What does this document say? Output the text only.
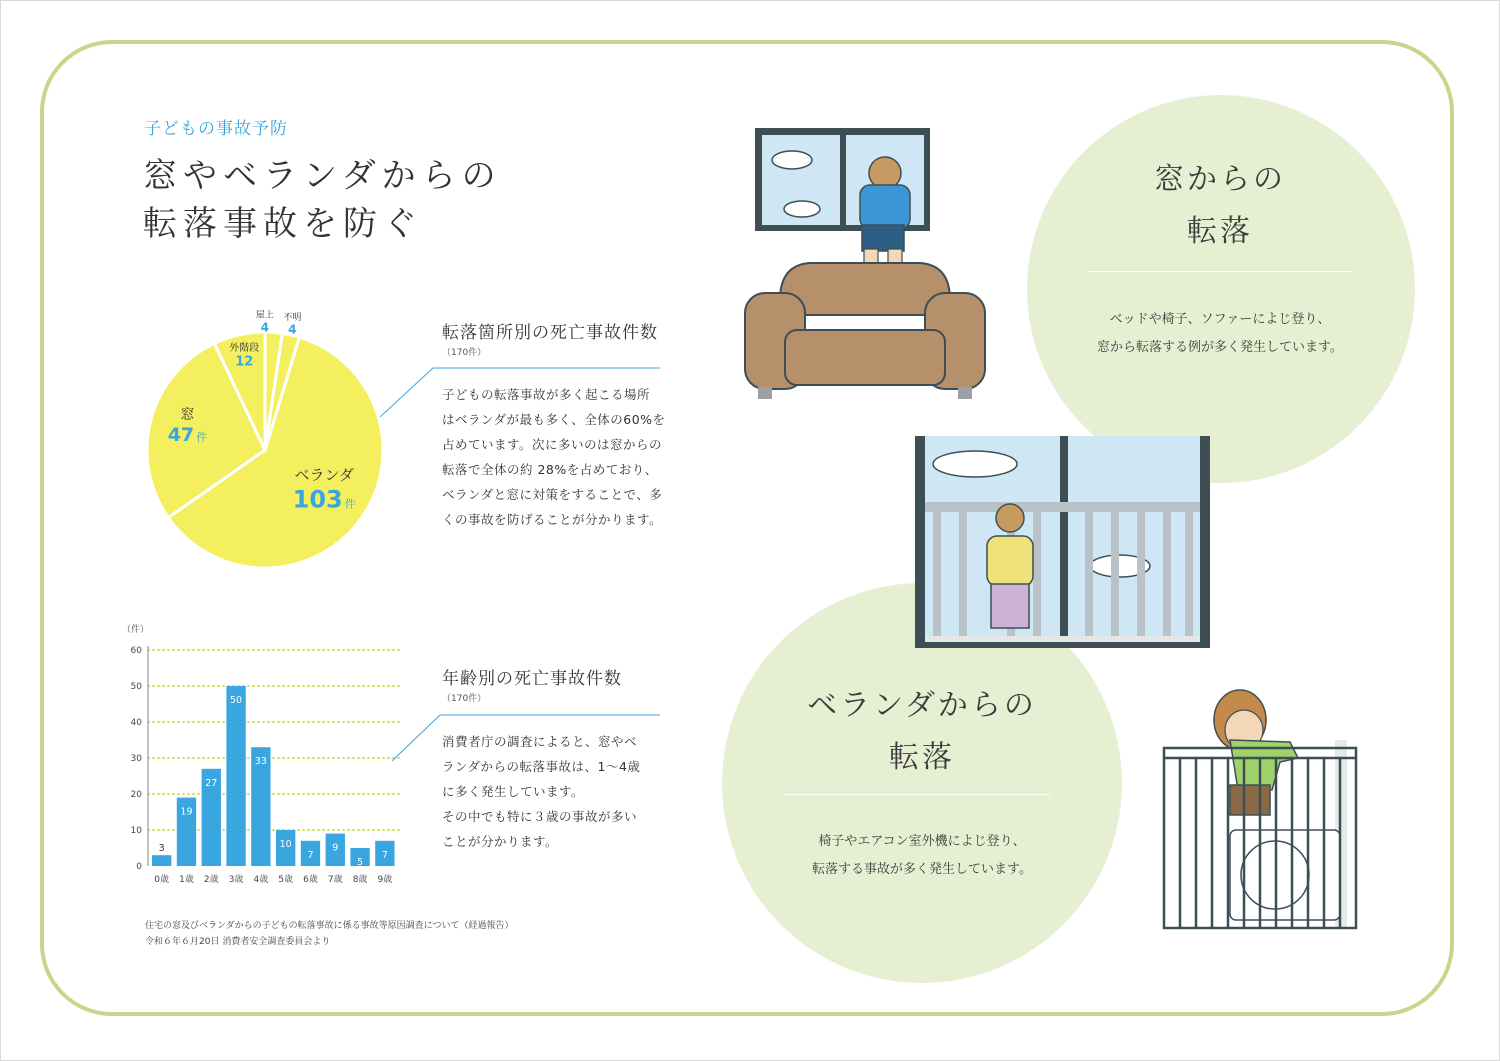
子どもの事故予防
窓やベランダからの
転落事故を防ぐ
ベランダ
103 件
窓
47 件
外階段
12
屋上
4
不明
4	転落箇所別の死亡事故件数
（170件）
子どもの転落事故が多く起こる場所
はベランダが最も多く、全体の60%を
占めています。次に多いのは窓からの
転落で全体の約 28%を占めており、
ベランダと窓に対策をすることで、多
くの事故を防げることが分かります。
（件）
0
10
20
30
40
50
60
3
0歳
19
1歳
27
2歳
50
3歳
33
4歳
10
5歳
7
6歳
9
7歳
5
8歳
7
9歳
年齢別の死亡事故件数
（170件）
消費者庁の調査によると、窓やベ
ランダからの転落事故は、1〜4歳
に多く発生しています。
その中でも特に３歳の事故が多い
ことが分かります。
住宅の窓及びベランダからの子どもの転落事故に係る事故等原因調査について（経過報告）
令和６年６月20日 消費者安全調査委員会より
窓からの
転落
ベッドや椅子、ソファーによじ登り、
窓から転落する例が多く発生しています。
ベランダからの
転落
椅子やエアコン室外機によじ登り、
転落する事故が多く発生しています。
